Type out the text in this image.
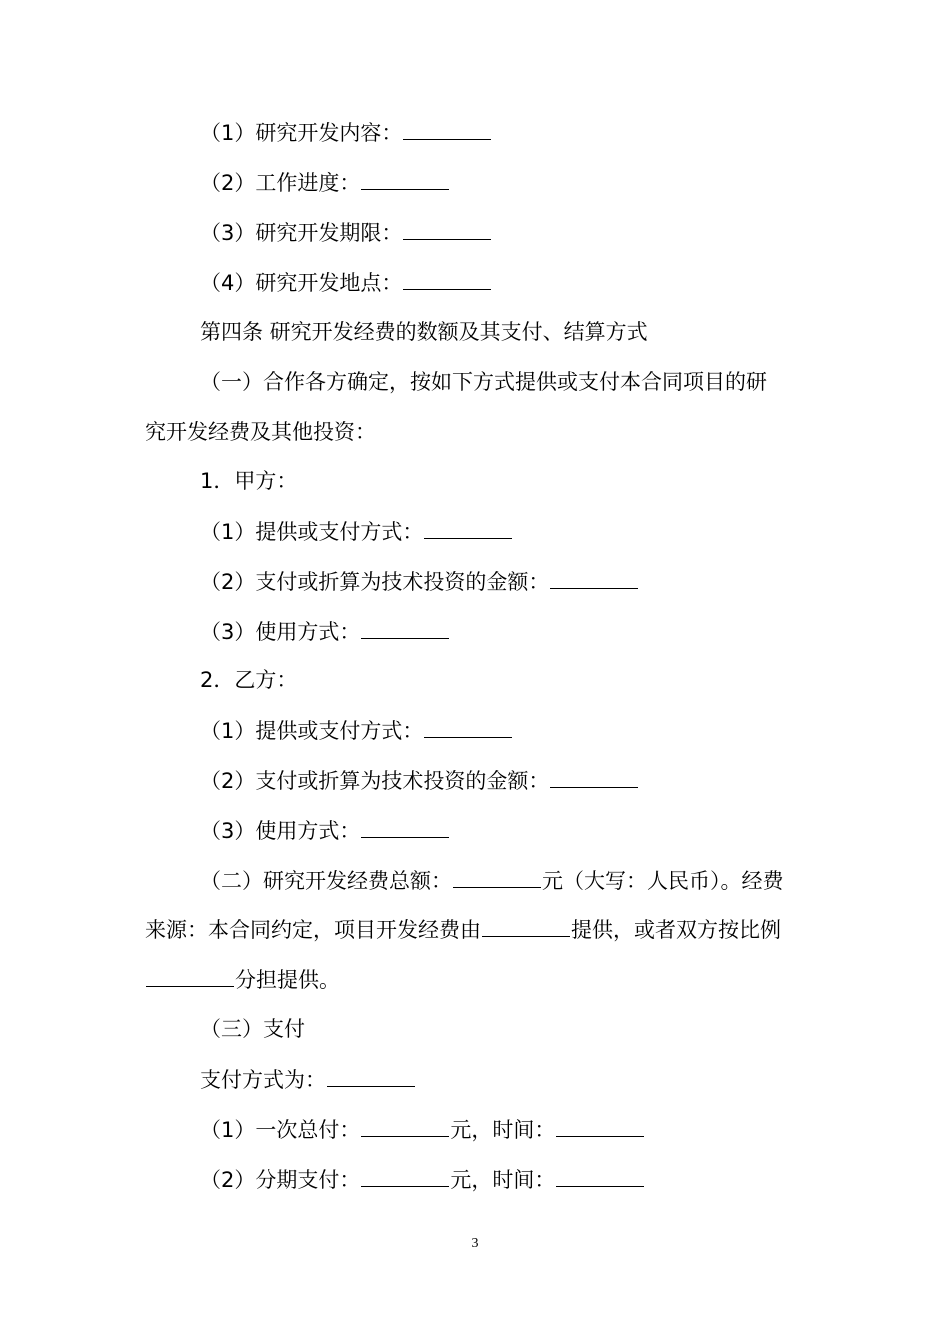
（1）研究开发内容：
（2）工作进度：
（3）研究开发期限：
（4）研究开发地点：
第四条 研究开发经费的数额及其支付、结算方式
（一）合作各方确定，按如下方式提供或支付本合同项目的研
究开发经费及其他投资：
1．甲方：
（1）提供或支付方式：
（2）支付或折算为技术投资的金额：
（3）使用方式：
2．乙方：
（1）提供或支付方式：
（2）支付或折算为技术投资的金额：
（3）使用方式：
（二）研究开发经费总额：	元（大写：人民币）。经费
来源：本合同约定，项目开发经费由	提供，或者双方按比例
分担提供。
（三）支付
支付方式为：
（1）一次总付：	元，时间：
（2）分期支付：	元，时间：
3
